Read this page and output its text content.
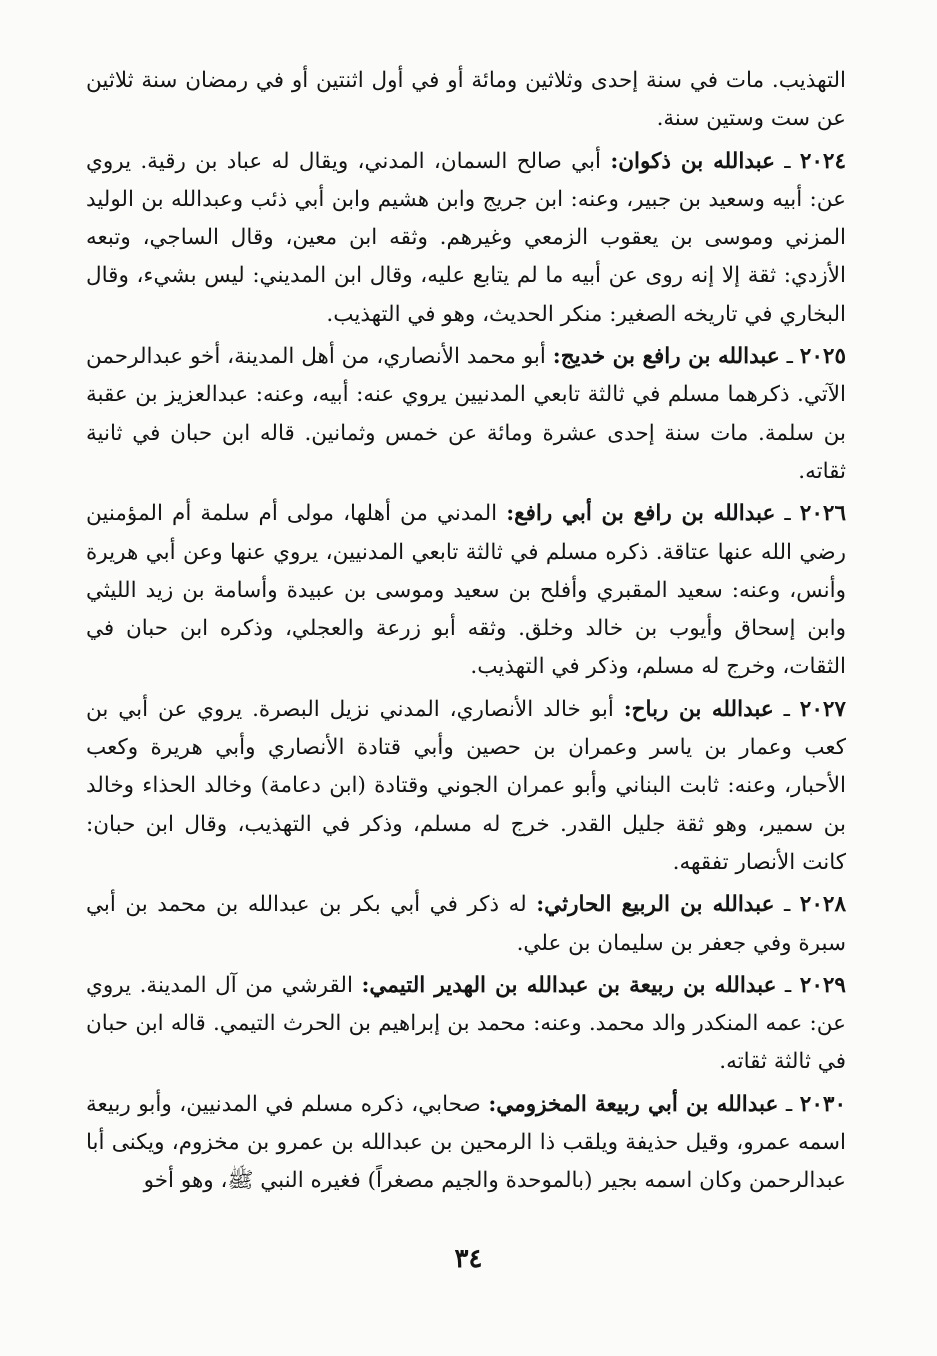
التهذيب. مات في سنة إحدى وثلاثين ومائة أو في أول اثنتين أو في رمضان سنة ثلاثين عن ست وستين سنة.

٢٠٢٤ ـ عبدالله بن ذكوان: أبي صالح السمان، المدني، ويقال له عباد بن رقية. يروي عن: أبيه وسعيد بن جبير، وعنه: ابن جريج وابن هشيم وابن أبي ذئب وعبدالله بن الوليد المزني وموسى بن يعقوب الزمعي وغيرهم. وثقه ابن معين، وقال الساجي، وتبعه الأزدي: ثقة إلا إنه روى عن أبيه ما لم يتابع عليه، وقال ابن المديني: ليس بشيء، وقال البخاري في تاريخه الصغير: منكر الحديث، وهو في التهذيب.

٢٠٢٥ ـ عبدالله بن رافع بن خديج: أبو محمد الأنصاري، من أهل المدينة، أخو عبدالرحمن الآتي. ذكرهما مسلم في ثالثة تابعي المدنيين يروي عنه: أبيه، وعنه: عبدالعزيز بن عقبة بن سلمة. مات سنة إحدى عشرة ومائة عن خمس وثمانين. قاله ابن حبان في ثانية ثقاته.

٢٠٢٦ ـ عبدالله بن رافع بن أبي رافع: المدني من أهلها، مولى أم سلمة أم المؤمنين رضي الله عنها عتاقة. ذكره مسلم في ثالثة تابعي المدنيين، يروي عنها وعن أبي هريرة وأنس، وعنه: سعيد المقبري وأفلح بن سعيد وموسى بن عبيدة وأسامة بن زيد الليثي وابن إسحاق وأيوب بن خالد وخلق. وثقه أبو زرعة والعجلي، وذكره ابن حبان في الثقات، وخرج له مسلم، وذكر في التهذيب.

٢٠٢٧ ـ عبدالله بن رباح: أبو خالد الأنصاري، المدني نزيل البصرة. يروي عن أبي بن كعب وعمار بن ياسر وعمران بن حصين وأبي قتادة الأنصاري وأبي هريرة وكعب الأحبار، وعنه: ثابت البناني وأبو عمران الجوني وقتادة (ابن دعامة) وخالد الحذاء وخالد بن سمير، وهو ثقة جليل القدر. خرج له مسلم، وذكر في التهذيب، وقال ابن حبان: كانت الأنصار تفقهه.

٢٠٢٨ ـ عبدالله بن الربيع الحارثي: له ذكر في أبي بكر بن عبدالله بن محمد بن أبي سبرة وفي جعفر بن سليمان بن علي.

٢٠٢٩ ـ عبدالله بن ربيعة بن عبدالله بن الهدير التيمي: القرشي من آل المدينة. يروي عن: عمه المنكدر والد محمد. وعنه: محمد بن إبراهيم بن الحرث التيمي. قاله ابن حبان في ثالثة ثقاته.

٢٠٣٠ ـ عبدالله بن أبي ربيعة المخزومي: صحابي، ذكره مسلم في المدنيين، وأبو ربيعة اسمه عمرو، وقيل حذيفة ويلقب ذا الرمحين بن عبدالله بن عمرو بن مخزوم، ويكنى أبا عبدالرحمن وكان اسمه بجير (بالموحدة والجيم مصغراً) فغيره النبي ﷺ، وهو أخو

٣٤
